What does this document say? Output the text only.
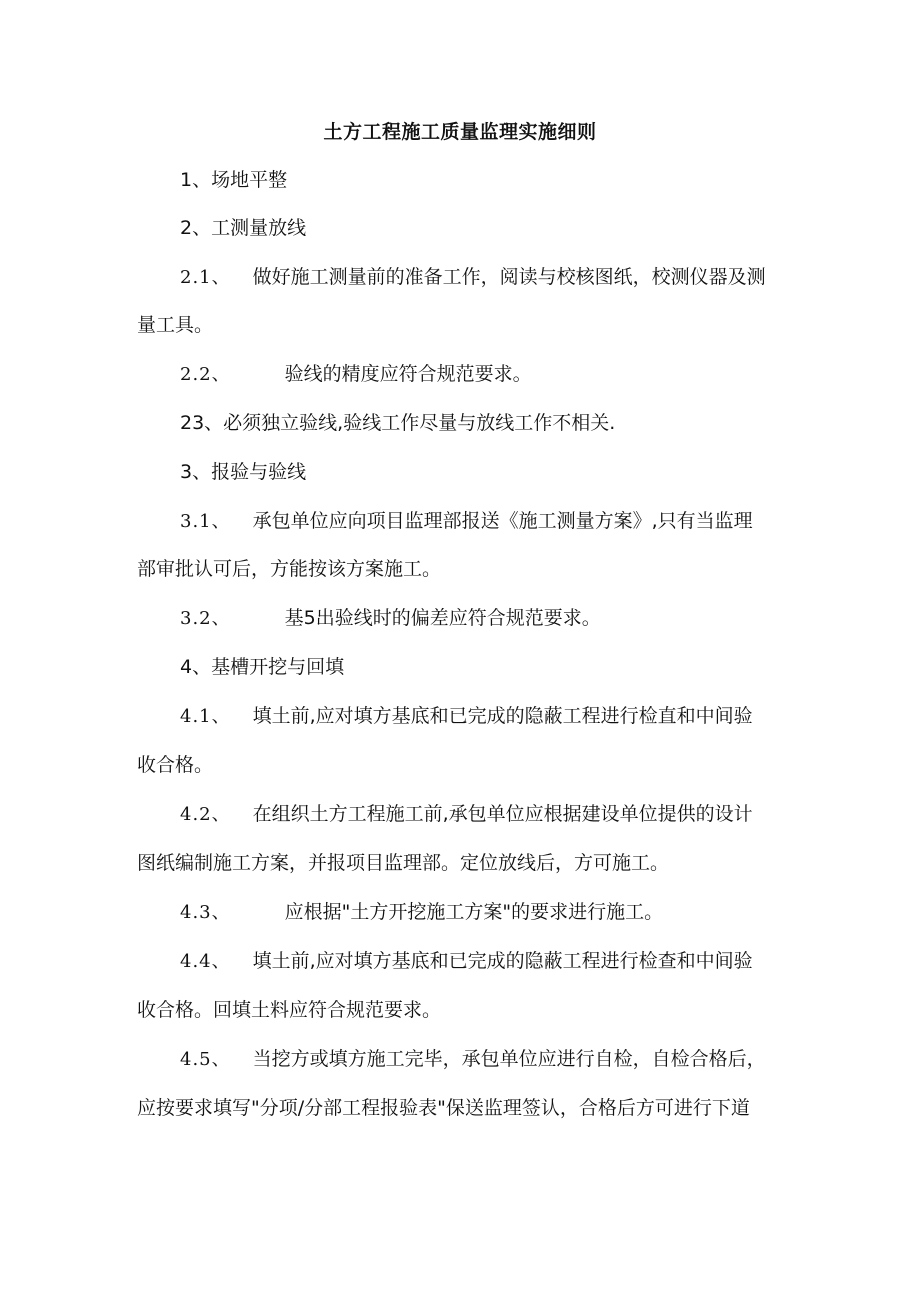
土方工程施工质量监理实施细则
1、场地平整
2、工测量放线
2.1、 做好施工测量前的准备工作，阅读与校核图纸，校测仪器及测
量工具。
2.2、	验线的精度应符合规范要求。
23、必须独立验线,验线工作尽量与放线工作不相关.
3、报验与验线
3.1、 承包单位应向项目监理部报送《施工测量方案》,只有当监理
部审批认可后，方能按该方案施工。
3.2、	基5出验线时的偏差应符合规范要求。
4、基槽开挖与回填
4.1、 填土前,应对填方基底和已完成的隐蔽工程进行检直和中间验
收合格。
4.2、 在组织土方工程施工前,承包单位应根据建设单位提供的设计
图纸编制施工方案，并报项目监理部。定位放线后，方可施工。
4.3、	应根据"土方开挖施工方案"的要求进行施工。
4.4、 填土前,应对填方基底和已完成的隐蔽工程进行检查和中间验
收合格。回填土料应符合规范要求。
4.5、 当挖方或填方施工完毕，承包单位应进行自检，自检合格后，
应按要求填写"分项/分部工程报验表"保送监理签认，合格后方可进行下道
